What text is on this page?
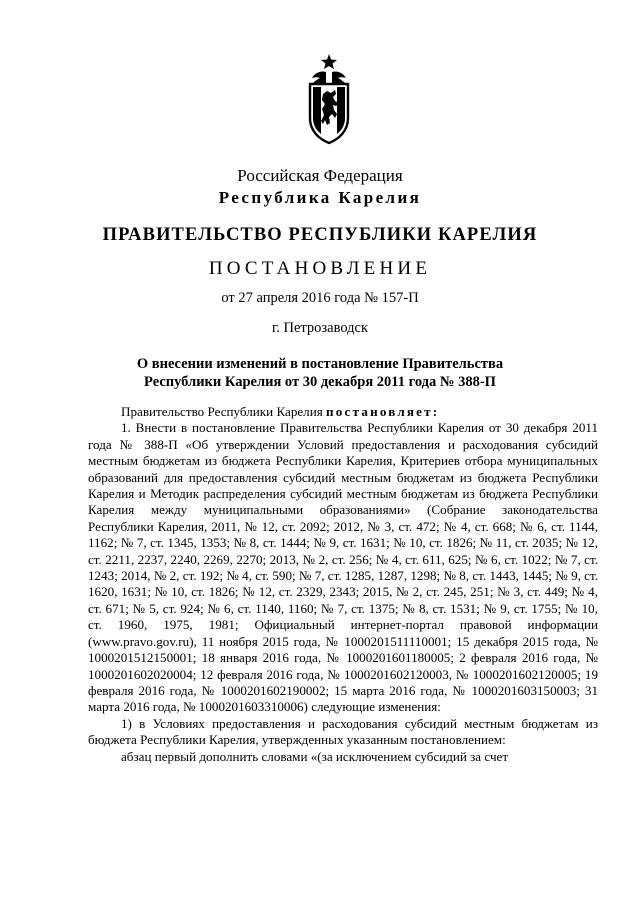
Российская Федерация
Республика Карелия
ПРАВИТЕЛЬСТВО РЕСПУБЛИКИ КАРЕЛИЯ
ПОСТАНОВЛЕНИЕ
от 27 апреля 2016 года № 157-П
г. Петрозаводск
О внесении изменений в постановление Правительства
Республики Карелия от 30 декабря 2011 года № 388-П

Правительство Республики Карелия постановляет:

1. Внести в постановление Правительства Республики Карелия от 30 декабря 2011 года № 388-П «Об утверждении Условий предоставления и расходования субсидий местным бюджетам из бюджета Республики Карелия, Критериев отбора муниципальных образований для предоставления субсидий местным бюджетам из бюджета Республики Карелия и Методик распределения субсидий местным бюджетам из бюджета Республики Карелия между муниципальными образованиями» (Собрание законодательства Республики Карелия, 2011, № 12, ст. 2092; 2012, № 3, ст. 472; № 4, ст. 668; № 6, ст. 1144, 1162; № 7, ст. 1345, 1353; № 8, ст. 1444; № 9, ст. 1631; № 10, ст. 1826; № 11, ст. 2035; № 12, ст. 2211, 2237, 2240, 2269, 2270; 2013, № 2, ст. 256; № 4, ст. 611, 625; № 6, ст. 1022; № 7, ст. 1243; 2014, № 2, ст. 192; № 4, ст. 590; № 7, ст. 1285, 1287, 1298; № 8, ст. 1443, 1445; № 9, ст. 1620, 1631; № 10, ст. 1826; № 12, ст. 2329, 2343; 2015, № 2, ст. 245, 251; № 3, ст. 449; № 4, ст. 671; № 5, ст. 924; № 6, ст. 1140, 1160; № 7, ст. 1375; № 8, ст. 1531; № 9, ст. 1755; № 10, ст. 1960, 1975, 1981; Официальный интернет-портал правовой информации (www.pravo.gov.ru), 11 ноября 2015 года, № 1000201511110001; 15 декабря 2015 года, № 1000201512150001; 18 января 2016 года, № 1000201601180005; 2 февраля 2016 года, № 1000201602020004; 12 февраля 2016 года, № 1000201602120003, № 1000201602120005; 19 февраля 2016 года, № 1000201602190002; 15 марта 2016 года, № 1000201603150003; 31 марта 2016 года, № 1000201603310006) следующие изменения:

1) в Условиях предоставления и расходования субсидий местным бюджетам из бюджета Республики Карелия, утвержденных указанным постановлением:

абзац первый дополнить словами «(за исключением субсидий за счет
